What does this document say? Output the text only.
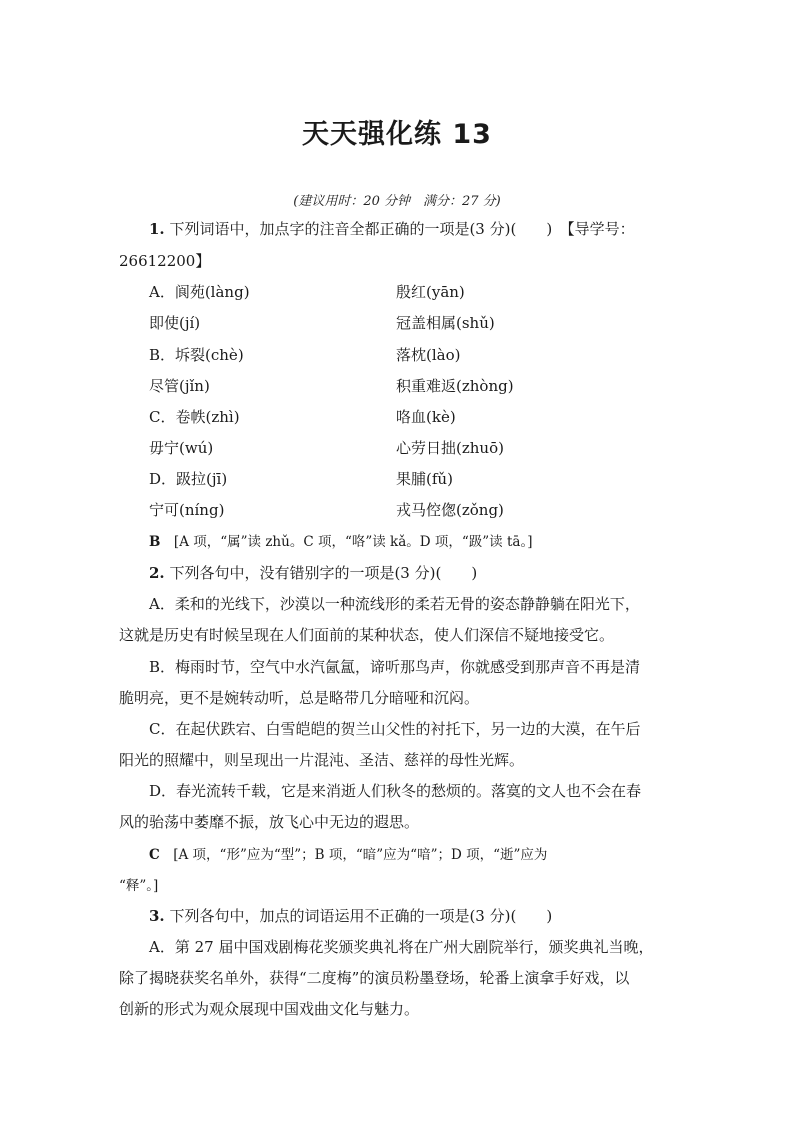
天天强化练 13
(建议用时：20 分钟　满分：27 分)
1. 下列词语中，加点字的注音全都正确的一项是(3 分)(　　)　【导学号：
26612200】
A．阆苑(làng)	殷红(yān)
即使(jí)	冠盖相属(shǔ)
B．坼裂(chè)	落枕(lào)
尽管(jǐn)	积重难返(zhòng)
C．卷帙(zhì)	咯血(kè)
毋宁(wú)	心劳日拙(zhuō)
D．趿拉(jī)	果脯(fǔ)
宁可(níng)	戎马倥偬(zǒng)
B  [A 项，“属”读 zhǔ。C 项，“咯”读 kǎ。D 项，“趿”读 tā。]
2. 下列各句中，没有错别字的一项是(3 分)(　　)
A．柔和的光线下，沙漠以一种流线形的柔若无骨的姿态静静躺在阳光下，
这就是历史有时候呈现在人们面前的某种状态，使人们深信不疑地接受它。
B．梅雨时节，空气中水汽氤氲，谛听那鸟声，你就感受到那声音不再是清
脆明亮，更不是婉转动听，总是略带几分暗哑和沉闷。
C．在起伏跌宕、白雪皑皑的贺兰山父性的衬托下，另一边的大漠，在午后
阳光的照耀中，则呈现出一片混沌、圣洁、慈祥的母性光辉。
D．春光流转千载，它是来消逝人们秋冬的愁烦的。落寞的文人也不会在春
风的骀荡中萎靡不振，放飞心中无边的遐思。
C  [A 项，“形”应为“型”；B 项，“暗”应为“喑”；D 项，“逝”应为
“释”。]
3. 下列各句中，加点的词语运用不正确的一项是(3 分)(　　)
A．第 27 届中国戏剧梅花奖颁奖典礼将在广州大剧院举行，颁奖典礼当晚，
除了揭晓获奖名单外，获得“二度梅”的演员粉墨登场，轮番上演拿手好戏，以
创新的形式为观众展现中国戏曲文化与魅力。
